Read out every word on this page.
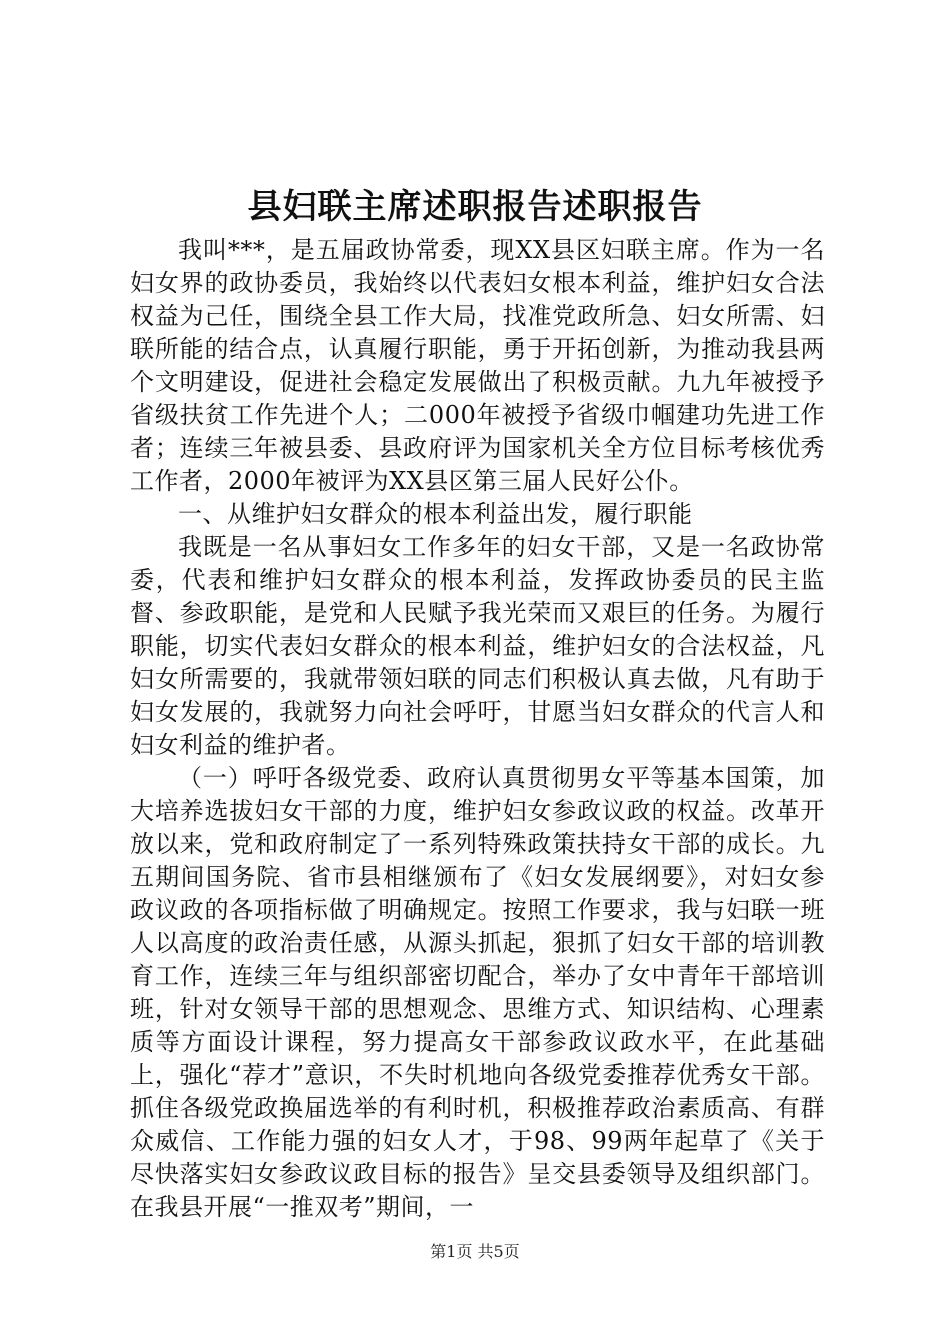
县妇联主席述职报告述职报告

我叫***，是五届政协常委，现XX县区妇联主席。作为一名妇女界的政协委员，我始终以代表妇女根本利益，维护妇女合法权益为己任，围绕全县工作大局，找准党政所急、妇女所需、妇联所能的结合点，认真履行职能，勇于开拓创新，为推动我县两个文明建设，促进社会稳定发展做出了积极贡献。九九年被授予省级扶贫工作先进个人；二000年被授予省级巾帼建功先进工作者；连续三年被县委、县政府评为国家机关全方位目标考核优秀工作者，2000年被评为XX县区第三届人民好公仆。

一、从维护妇女群众的根本利益出发，履行职能

我既是一名从事妇女工作多年的妇女干部，又是一名政协常委，代表和维护妇女群众的根本利益，发挥政协委员的民主监督、参政职能，是党和人民赋予我光荣而又艰巨的任务。为履行职能，切实代表妇女群众的根本利益，维护妇女的合法权益，凡妇女所需要的，我就带领妇联的同志们积极认真去做，凡有助于妇女发展的，我就努力向社会呼吁，甘愿当妇女群众的代言人和妇女利益的维护者。

（一）呼吁各级党委、政府认真贯彻男女平等基本国策，加大培养选拔妇女干部的力度，维护妇女参政议政的权益。改革开放以来，党和政府制定了一系列特殊政策扶持女干部的成长。九五期间国务院、省市县相继颁布了《妇女发展纲要》，对妇女参政议政的各项指标做了明确规定。按照工作要求，我与妇联一班人以高度的政治责任感，从源头抓起，狠抓了妇女干部的培训教育工作，连续三年与组织部密切配合，举办了女中青年干部培训班，针对女领导干部的思想观念、思维方式、知识结构、心理素质等方面设计课程，努力提高女干部参政议政水平，在此基础上，强化“荐才”意识，不失时机地向各级党委推荐优秀女干部。抓住各级党政换届选举的有利时机，积极推荐政治素质高、有群众威信、工作能力强的妇女人才，于98、99两年起草了《关于尽快落实妇女参政议政目标的报告》呈交县委领导及组织部门。在我县开展“一推双考”期间，一

第1页 共5页
